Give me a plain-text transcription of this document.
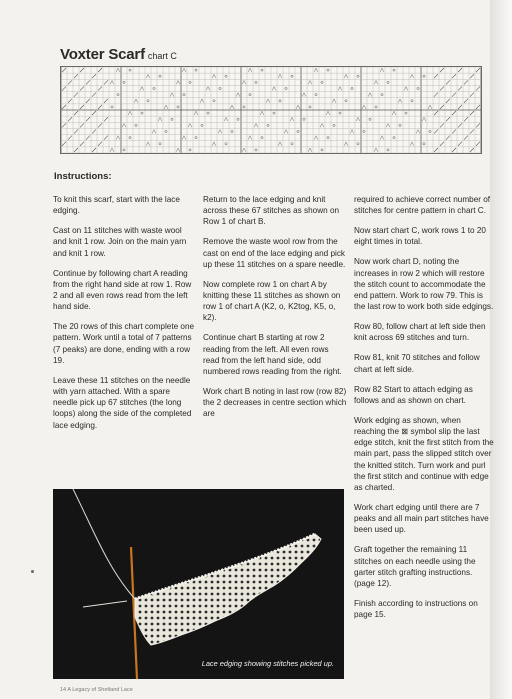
Voxter Scarf chart C
Instructions:

To knit this scarf, start with the lace edging.

Cast on 11 stitches with waste wool and knit 1 row. Join on the main yarn and knit 1 row.

Continue by following chart A reading from the right hand side at row 1. Row 2 and all even rows read from the left hand side.

The 20 rows of this chart complete one pattern. Work until a total of 7 patterns (7 peaks) are done, ending with a row 19.

Leave these 11 stitches on the needle with yarn attached. With a spare needle pick up 67 stitches (the long loops) along the side of the completed lace edging.

Return to the lace edging and knit across these 67 stitches as shown on Row 1 of chart B.

Remove the waste wool row from the cast on end of the lace edging and pick up these 11 stitches on a spare needle.

Now complete row 1 on chart A by knitting these 11 stitches as shown on row 1 of chart A (K2, o, K2tog, K5, o, k2).

Continue chart B starting at row 2 reading from the left. All even rows read from the left hand side, odd numbered rows reading from the right.

Work chart B noting in last row (row 82) the 2 decreases in centre section which are

required to achieve correct number of stitches for centre pattern in chart C.

Now start chart C, work rows 1 to 20 eight times in total.

Now work chart D, noting the increases in row 2 which will restore the stitch count to accommodate the end pattern. Work to row 79. This is the last row to work both side edgings.

Row 80, follow chart at left side then knit across 69 stitches and turn.

Row 81, knit 70 stitches and follow chart at left side.

Row 82 Start to attach edging as follows and as shown on chart.

Work edging as shown, when reaching the ⊠ symbol slip the last edge stitch, knit the first stitch from the main part, pass the slipped stitch over the knitted stitch. Turn work and purl the first stitch and continue with edge as charted.

Work chart edging until there are 7 peaks and all main part stitches have been used up.

Graft together the remaining 11 stitches on each needle using the garter stitch grafting instructions. (page 12).

Finish according to instructions on page 15.

Lace edging showing stitches picked up.
14 A Legacy of Shetland Lace
